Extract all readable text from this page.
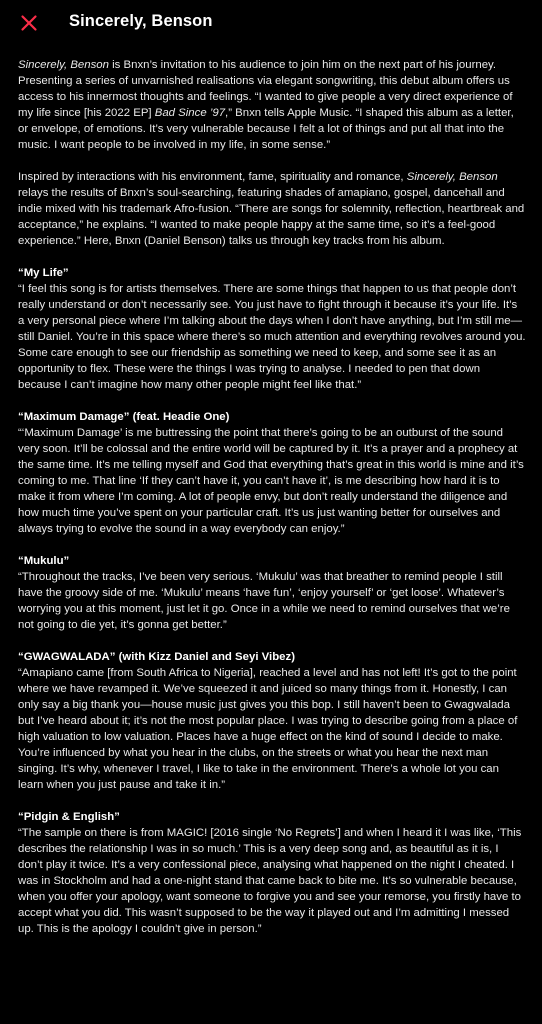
Sincerely, Benson

Sincerely, Benson is Bnxn’s invitation to his audience to join him on the next part of his journey. Presenting a series of unvarnished realisations via elegant songwriting, this debut album offers us access to his innermost thoughts and feelings. “I wanted to give people a very direct experience of my life since [his 2022 EP] Bad Since ’97,” Bnxn tells Apple Music. “I shaped this album as a letter, or envelope, of emotions. It’s very vulnerable because I felt a lot of things and put all that into the music. I want people to be involved in my life, in some sense.”

Inspired by interactions with his environment, fame, spirituality and romance, Sincerely, Benson relays the results of Bnxn’s soul-searching, featuring shades of amapiano, gospel, dancehall and indie mixed with his trademark Afro-fusion. “There are songs for solemnity, reflection, heartbreak and acceptance,” he explains. “I wanted to make people happy at the same time, so it’s a feel-good experience.” Here, Bnxn (Daniel Benson) talks us through key tracks from his album.

“My Life”
“I feel this song is for artists themselves. There are some things that happen to us that people don’t really understand or don’t necessarily see. You just have to fight through it because it’s your life. It’s a very personal piece where I’m talking about the days when I don’t have anything, but I’m still me—still Daniel. You’re in this space where there’s so much attention and everything revolves around you. Some care enough to see our friendship as something we need to keep, and some see it as an opportunity to flex. These were the things I was trying to analyse. I needed to pen that down because I can’t imagine how many other people might feel like that.”

“Maximum Damage” (feat. Headie One)
“‘Maximum Damage’ is me buttressing the point that there’s going to be an outburst of the sound very soon. It’ll be colossal and the entire world will be captured by it. It’s a prayer and a prophecy at the same time. It’s me telling myself and God that everything that’s great in this world is mine and it’s coming to me. That line ‘If they can’t have it, you can’t have it’, is me describing how hard it is to make it from where I’m coming. A lot of people envy, but don’t really understand the diligence and how much time you’ve spent on your particular craft. It’s us just wanting better for ourselves and always trying to evolve the sound in a way everybody can enjoy.”

“Mukulu”
“Throughout the tracks, I’ve been very serious. ‘Mukulu’ was that breather to remind people I still have the groovy side of me. ‘Mukulu’ means ‘have fun’, ‘enjoy yourself’ or ‘get loose’. Whatever’s worrying you at this moment, just let it go. Once in a while we need to remind ourselves that we’re not going to die yet, it’s gonna get better.”

“GWAGWALADA” (with Kizz Daniel and Seyi Vibez)
“Amapiano came [from South Africa to Nigeria], reached a level and has not left! It’s got to the point where we have revamped it. We’ve squeezed it and juiced so many things from it. Honestly, I can only say a big thank you—house music just gives you this bop. I still haven’t been to Gwagwalada but I’ve heard about it; it’s not the most popular place. I was trying to describe going from a place of high valuation to low valuation. Places have a huge effect on the kind of sound I decide to make. You’re influenced by what you hear in the clubs, on the streets or what you hear the next man singing. It’s why, whenever I travel, I like to take in the environment. There’s a whole lot you can learn when you just pause and take it in.”

“Pidgin & English”
“The sample on there is from MAGIC! [2016 single ‘No Regrets’] and when I heard it I was like, ‘This describes the relationship I was in so much.’ This is a very deep song and, as beautiful as it is, I don’t play it twice. It’s a very confessional piece, analysing what happened on the night I cheated. I was in Stockholm and had a one-night stand that came back to bite me. It’s so vulnerable because, when you offer your apology, want someone to forgive you and see your remorse, you firstly have to accept what you did. This wasn’t supposed to be the way it played out and I’m admitting I messed up. This is the apology I couldn’t give in person.”
